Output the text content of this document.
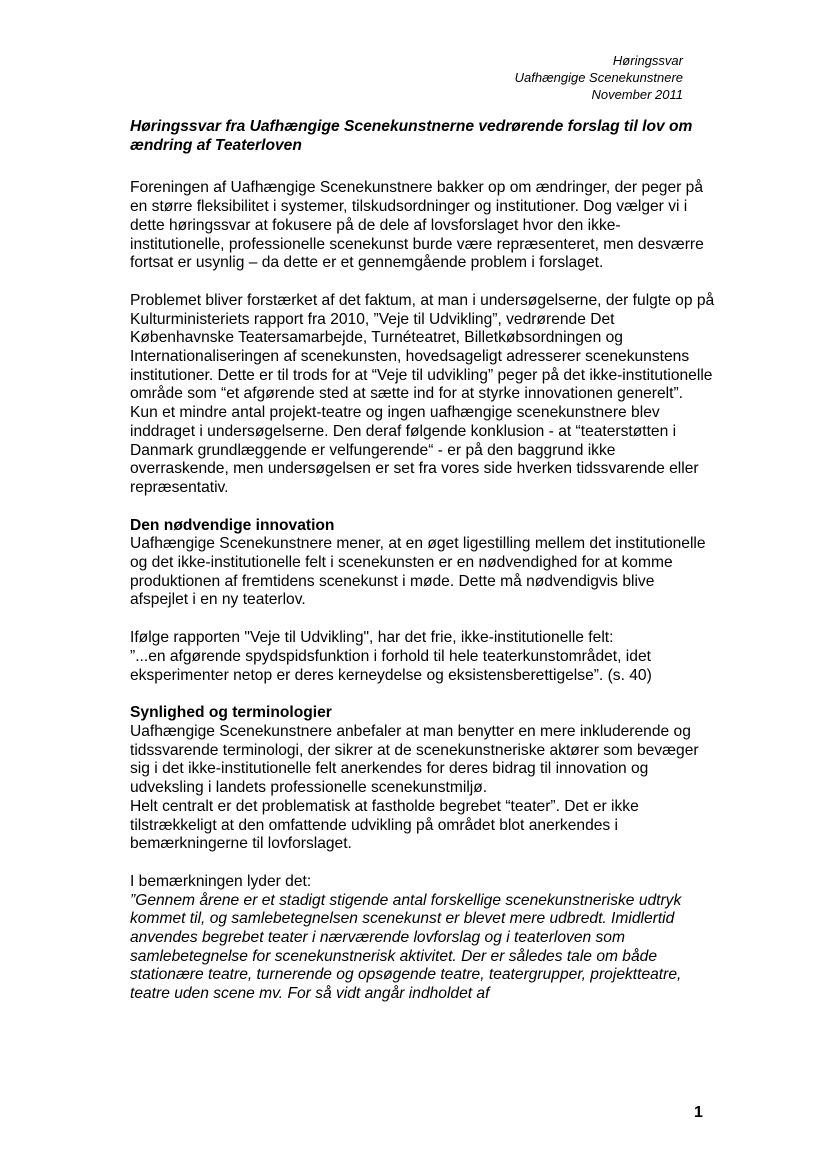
Høringssvar
Uafhængige Scenekunstnere
November 2011
Høringssvar fra Uafhængige Scenekunstnerne vedrørende forslag til lov om ændring af Teaterloven

Foreningen af Uafhængige Scenekunstnere bakker op om ændringer, der peger på en større fleksibilitet i systemer, tilskudsordninger og institutioner. Dog vælger vi i dette høringssvar at fokusere på de dele af lovsforslaget hvor den ikke-institutionelle, professionelle scenekunst burde være repræsenteret, men desværre fortsat er usynlig – da dette er et gennemgående problem i forslaget.

Problemet bliver forstærket af det faktum, at man i undersøgelserne, der fulgte op på Kulturministeriets rapport fra 2010, ”Veje til Udvikling”, vedrørende Det Københavnske Teatersamarbejde, Turnéteatret, Billetkøbsordningen og Internationaliseringen af scenekunsten, hovedsageligt adresserer scenekunstens institutioner. Dette er til trods for at “Veje til udvikling” peger på det ikke-institutionelle område som “et afgørende sted at sætte ind for at styrke innovationen generelt”. Kun et mindre antal projekt-teatre og ingen uafhængige scenekunstnere blev inddraget i undersøgelserne. Den deraf følgende konklusion - at “teaterstøtten i Danmark grundlæggende er velfungerende“ - er på den baggrund ikke overraskende, men undersøgelsen er set fra vores side hverken tidssvarende eller repræsentativ.

Den nødvendige innovation
Uafhængige Scenekunstnere mener, at en øget ligestilling mellem det institutionelle og det ikke-institutionelle felt i scenekunsten er en nødvendighed for at komme produktionen af fremtidens scenekunst i møde. Dette må nødvendigvis blive afspejlet i en ny teaterlov.

Ifølge rapporten "Veje til Udvikling", har det frie, ikke-institutionelle felt:
”...en afgørende spydspidsfunktion i forhold til hele teaterkunstområdet, idet eksperimenter netop er deres kerneydelse og eksistensberettigelse”. (s. 40)

Synlighed og terminologier
Uafhængige Scenekunstnere anbefaler at man benytter en mere inkluderende og tidssvarende terminologi, der sikrer at de scenekunstneriske aktører som bevæger sig i det ikke-institutionelle felt anerkendes for deres bidrag til innovation og udveksling i landets professionelle scenekunstmiljø.
Helt centralt er det problematisk at fastholde begrebet “teater”. Det er ikke tilstrækkeligt at den omfattende udvikling på området blot anerkendes i bemærkningerne til lovforslaget.

I bemærkningen lyder det:
”Gennem årene er et stadigt stigende antal forskellige scenekunstneriske udtryk kommet til, og samlebetegnelsen scenekunst er blevet mere udbredt. Imidlertid anvendes begrebet teater i nærværende lovforslag og i teaterloven som samlebetegnelse for scenekunstnerisk aktivitet. Der er således tale om både stationære teatre, turnerende og opsøgende teatre, teatergrupper, projektteatre, teatre uden scene mv. For så vidt angår indholdet af

1
